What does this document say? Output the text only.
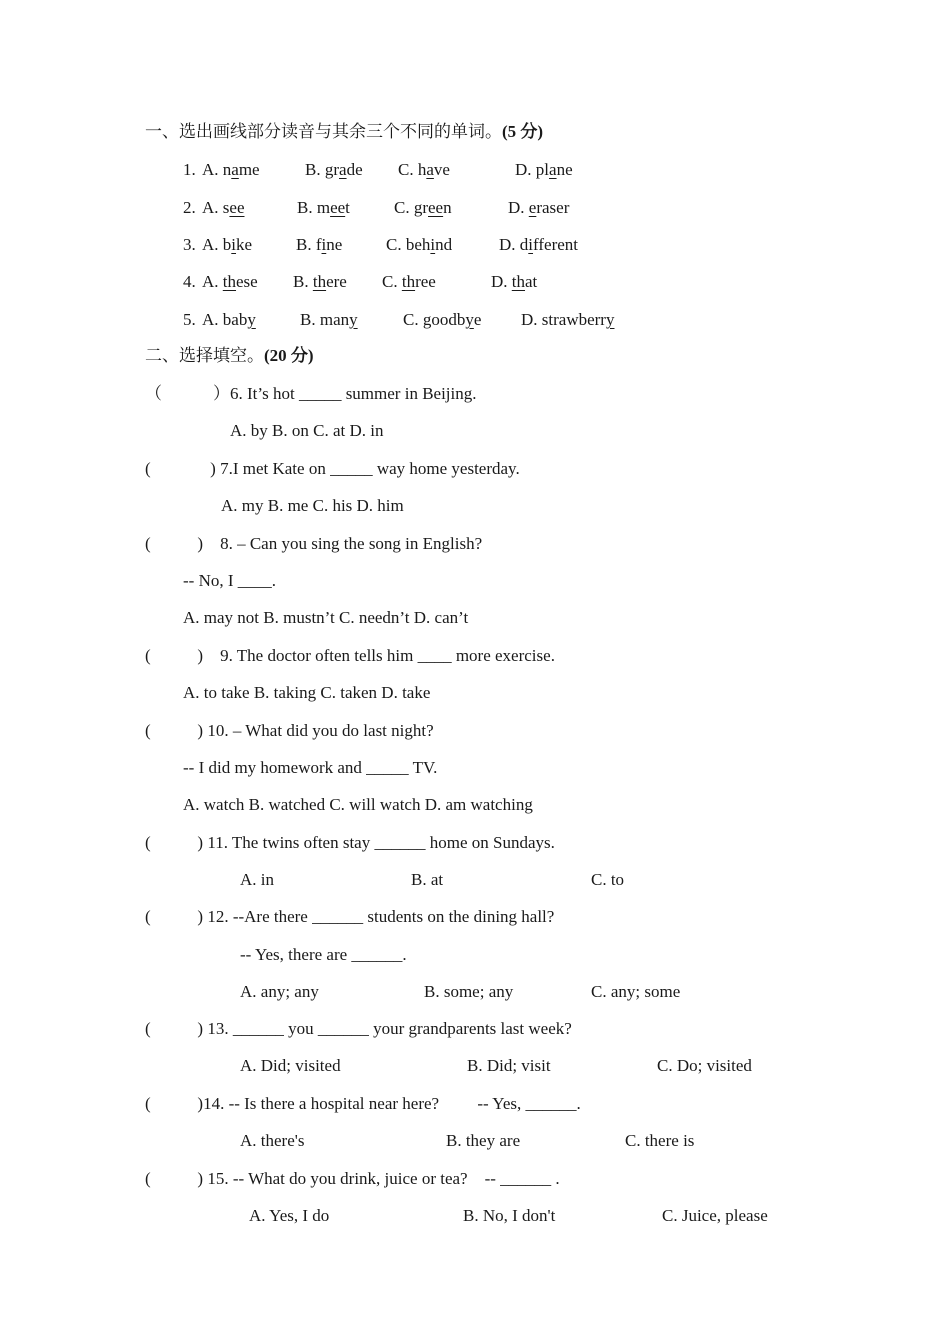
一、选出画线部分读音与其余三个不同的单词。(5 分)
1. A. name	B. grade C. have	D. plane
2. A. see	B. meet	C. green	D. eraser
3. A. bike	B. fine	C. behind	D. different
4. A. these B. there C. three	D. that
5. A. baby	B. many	C. goodbye D. strawberry
二、选择填空。(20 分)
（            ）6. It’s hot _____ summer in Beijing.
A. by B. on C. at D. in
(              ) 7.I met Kate on _____ way home yesterday.
A. my B. me C. his D. him
(           )    8. – Can you sing the song in English?
-- No, I ____.
A. may not B. mustn’t C. needn’t D. can’t
(           )    9. The doctor often tells him ____ more exercise.
A. to take B. taking C. taken D. take
(           ) 10. – What did you do last night?
-- I did my homework and _____ TV.
A. watch B. watched C. will watch D. am watching
(           ) 11. The twins often stay ______ home on Sundays.
A. in	B. at	C. to
(           ) 12. --Are there ______ students on the dining hall?
-- Yes, there are ______.
A. any; any	B. some; any	C. any; some
(           ) 13. ______ you ______ your grandparents last week?
A. Did; visited	B. Did; visit	C. Do; visited
(           )14. -- Is there a hospital near here?         -- Yes, ______.
A. there's	B. they are	C. there is
(           ) 15. -- What do you drink, juice or tea?    -- ______ .
A. Yes, I do	B. No, I don't	C. Juice, please
